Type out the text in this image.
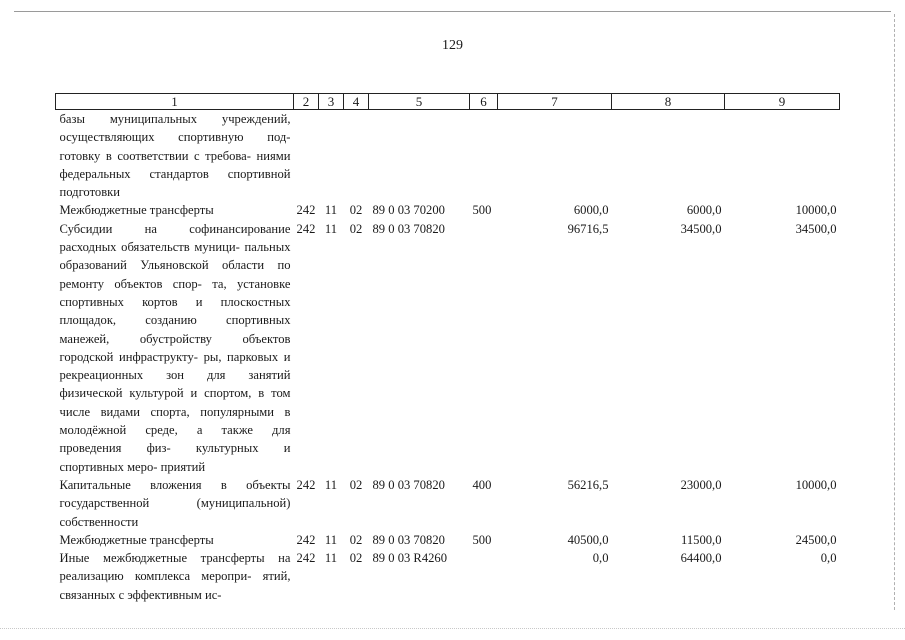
129
1	2	3	4	5	6	7	8	9
базы муниципальных учреждений, осуществляющих спортивную под- готовку в соответствии с требова- ниями федеральных стандартов спортивной подготовки								
Межбюджетные трансферты	242	11	02	89 0 03 70200	500	6000,0	6000,0	10000,0
Субсидии на софинансирование расходных обязательств муници- пальных образований Ульяновской области по ремонту объектов спор- та, установке спортивных кортов и плоскостных площадок, созданию спортивных манежей, обустройству объектов городской инфраструкту- ры, парковых и рекреационных зон для занятий физической культурой и спортом, в том числе видами спорта, популярными в молодёжной среде, а также для проведения физ- культурных и спортивных меро- приятий	242	11	02	89 0 03 70820		96716,5	34500,0	34500,0
Капитальные вложения в объекты государственной (муниципальной) собственности	242	11	02	89 0 03 70820	400	56216,5	23000,0	10000,0
Межбюджетные трансферты	242	11	02	89 0 03 70820	500	40500,0	11500,0	24500,0
Иные межбюджетные трансферты на реализацию комплекса меропри- ятий, связанных с эффективным ис-	242	11	02	89 0 03 R4260		0,0	64400,0	0,0
